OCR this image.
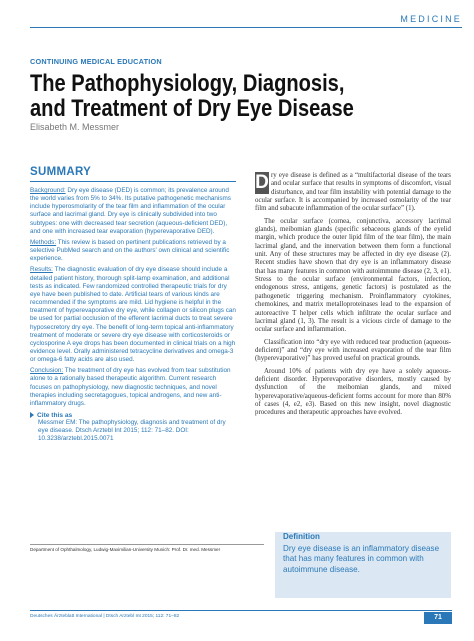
MEDICINE
CONTINUING MEDICAL EDUCATION
The Pathophysiology, Diagnosis,
and Treatment of Dry Eye Disease
Elisabeth M. Messmer
SUMMARY

Background: Dry eye disease (DED) is common; its prevalence around the world varies from 5% to 34%. Its putative pathogenetic mechanisms include hyperosmolarity of the tear film and inflammation of the ocular surface and lacrimal gland. Dry eye is clinically subdivided into two subtypes: one with decreased tear secretion (aqueous-deficient DED), and one with increased tear evaporation (hyperevaporative DED).

Methods: This review is based on pertinent publications retrieved by a selective PubMed search and on the authors' own clinical and scientific experience.

Results: The diagnostic evaluation of dry eye disease should include a detailed patient history, thorough split-lamp examination, and additional tests as indicated. Few randomized controlled therapeutic trials for dry eye have been published to date. Artificial tears of various kinds are recommended if the symptoms are mild. Lid hygiene is helpful in the treatment of hyperevaporative dry eye, while collagen or silicon plugs can be used for partial occlusion of the efferent lacrimal ducts to treat severe hyposecretory dry eye. The benefit of long-term topical anti-inflammatory treatment of moderate or severe dry eye disease with corticosteroids or cyclosporine A eye drops has been documented in clinical trials on a high evidence level. Orally administered tetracycline derivatives and omega-3 or omega-6 fatty acids are also used.

Conclusion: The treatment of dry eye has evolved from tear substitution alone to a rationally based therapeutic algorithm. Current research focuses on pathophysiology, new diagnostic techniques, and novel therapies including secretagogues, topical androgens, and new anti-inflammatory drugs.

Cite this as
Messmer EM: The pathophysiology, diagnosis and treatment of dry eye disease. Dtsch Arztebl Int 2015; 112: 71–82. DOI: 10.3238/arztebl.2015.0071
D ry eye disease is defined as a “multifactorial disease of the tears and ocular surface that results in symptoms of discomfort, visual disturbance, and tear film instability with potential damage to the ocular surface. It is accompanied by increased osmolarity of the tear film and subacute inflammation of the ocular surface” (1).

The ocular surface (cornea, conjunctiva, accessory lacrimal glands), meibomian glands (specific sebaceous glands of the eyelid margin, which produce the outer lipid film of the tear film), the main lacrimal gland, and the innervation between them form a functional unit. Any of these structures may be affected in dry eye disease (2). Recent studies have shown that dry eye is an inflammatory disease that has many features in common with autoimmune disease (2, 3, e1). Stress to the ocular surface (environmental factors, infection, endogenous stress, antigens, genetic factors) is postulated as the pathogenetic triggering mechanism. Proinflammatory cytokines, chemokines, and matrix metalloproteinases lead to the expansion of autoreactive T helper cells which infiltrate the ocular surface and lacrimal gland (1, 3). The result is a vicious circle of damage to the ocular surface and inflammation.

Classification into “dry eye with reduced tear production (aqueous-deficient)” and “dry eye with increased evaporation of the tear film (hyperevaporative)” has proved useful on practical grounds.

Around 10% of patients with dry eye have a solely aqueous-deficient disorder. Hyperevaporative disorders, mostly caused by dysfunction of the meibomian glands, and mixed hyperevaporative/aqueous-deficient forms account for more than 80% of cases (4, e2, e3). Based on this new insight, novel diagnostic procedures and therapeutic approaches have evolved.

Department of Ophthalmology, Ludwig-Maximilian-University Munich: Prof. Dr. med. Messmer
Definition
Dry eye disease is an inflammatory disease that has many features in common with autoimmune disease.
Deutsches Ärzteblatt International | Dtsch Arztebl Int 2015; 112: 71–82	71
